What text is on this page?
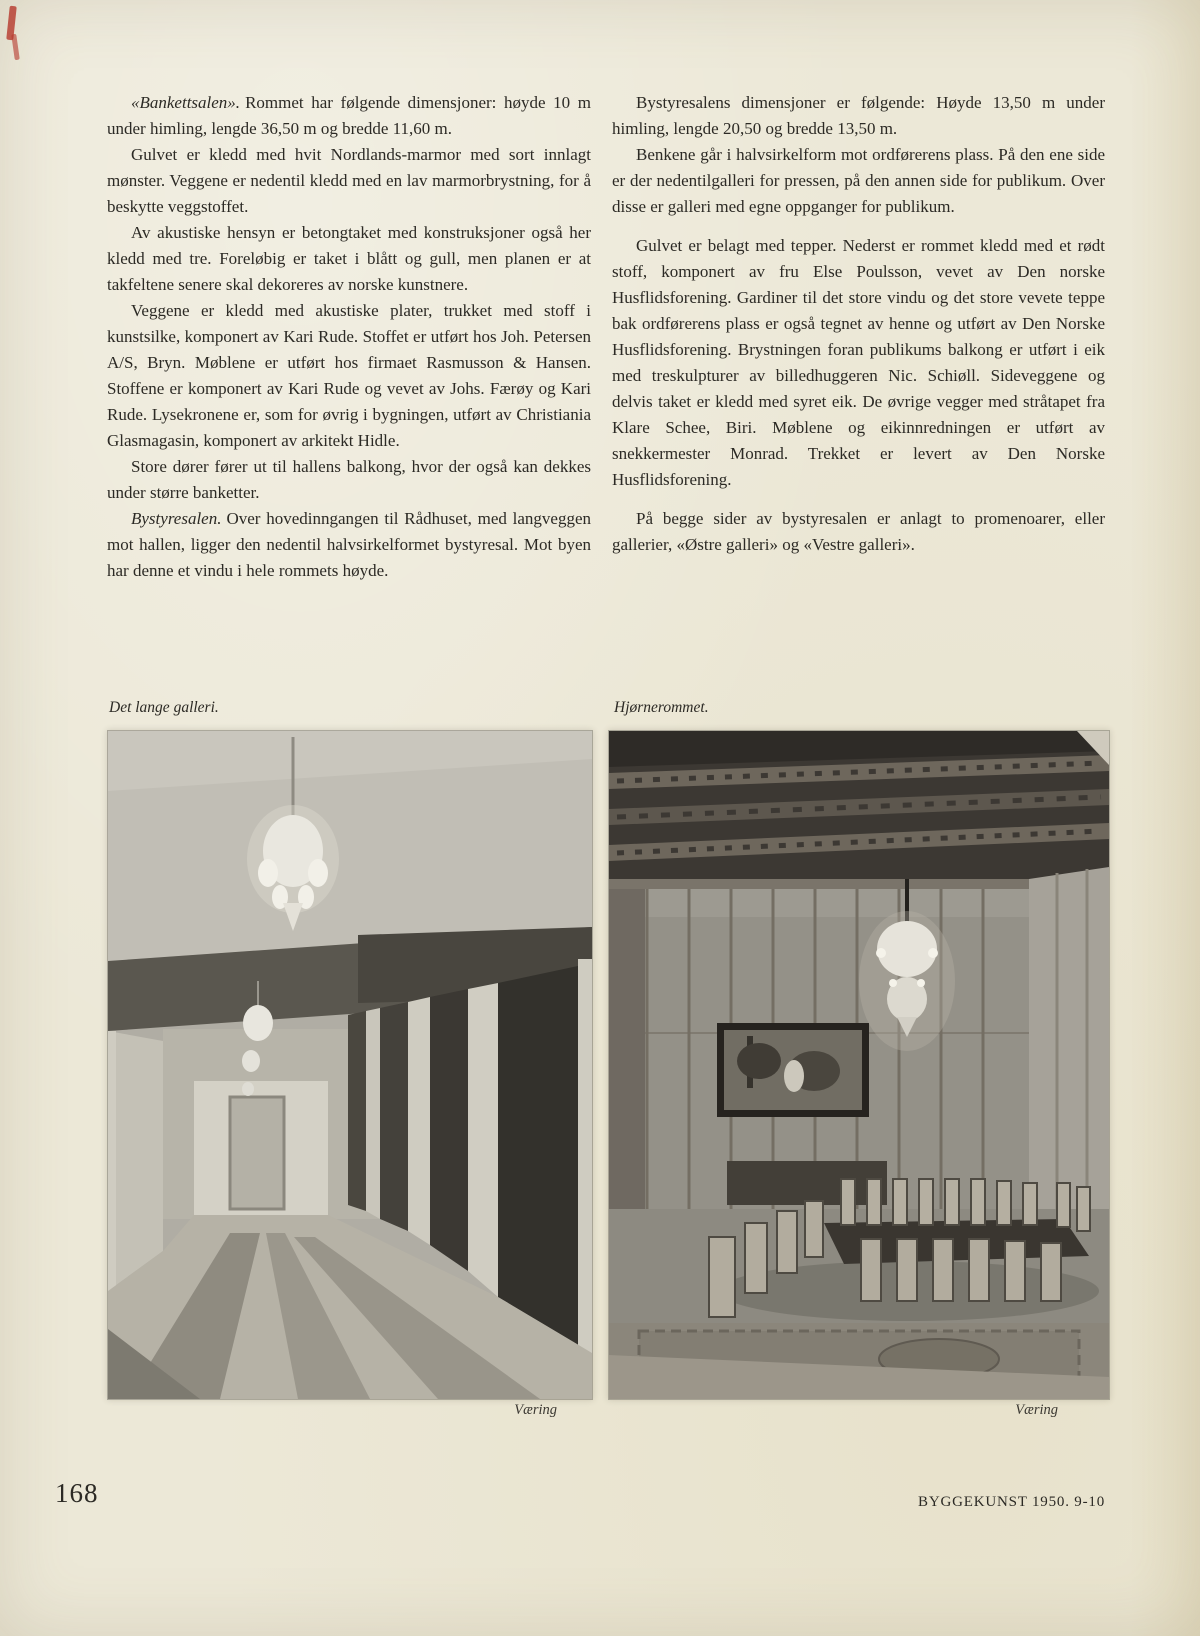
«Bankettsalen». Rommet har følgende dimensjoner: høyde 10 m under himling, lengde 36,50 m og bredde 11,60 m.

Gulvet er kledd med hvit Nordlands-marmor med sort innlagt mønster. Veggene er nedentil kledd med en lav marmorbrystning, for å beskytte veggstoffet.

Av akustiske hensyn er betongtaket med konstruksjoner også her kledd med tre. Foreløbig er taket i blått og gull, men planen er at takfeltene senere skal dekoreres av norske kunstnere.

Veggene er kledd med akustiske plater, trukket med stoff i kunstsilke, komponert av Kari Rude. Stoffet er utført hos Joh. Petersen A/S, Bryn. Møblene er utført hos firmaet Rasmusson & Hansen. Stoffene er komponert av Kari Rude og vevet av Johs. Færøy og Kari Rude. Lysekronene er, som for øvrig i bygningen, utført av Christiania Glasmagasin, komponert av arkitekt Hidle.

Store dører fører ut til hallens balkong, hvor der også kan dekkes under større banketter.

Bystyresalen. Over hovedinngangen til Rådhuset, med langveggen mot hallen, ligger den nedentil halvsirkelformet bystyresal. Mot byen har denne et vindu i hele rommets høyde.

Bystyresalens dimensjoner er følgende: Høyde 13,50 m under himling, lengde 20,50 og bredde 13,50 m.

Benkene går i halvsirkelform mot ordførerens plass. På den ene side er der nedentilgalleri for pressen, på den annen side for publikum. Over disse er galleri med egne oppganger for publikum.

Gulvet er belagt med tepper. Nederst er rommet kledd med et rødt stoff, komponert av fru Else Poulsson, vevet av Den norske Husflidsforening. Gardiner til det store vindu og det store vevete teppe bak ordførerens plass er også tegnet av henne og utført av Den Norske Husflidsforening. Brystningen foran publikums balkong er utført i eik med treskulpturer av billedhuggeren Nic. Schiøll. Sideveggene og delvis taket er kledd med syret eik. De øvrige vegger med stråtapet fra Klare Schee, Biri. Møblene og eikinnredningen er utført av snekkermester Monrad. Trekket er levert av Den Norske Husflidsforening.

På begge sider av bystyresalen er anlagt to promenoarer, eller gallerier, «Østre galleri» og «Vestre galleri».

Det lange galleri.	Hjørnerommet.
Væring	Væring
168	BYGGEKUNST 1950. 9-10
